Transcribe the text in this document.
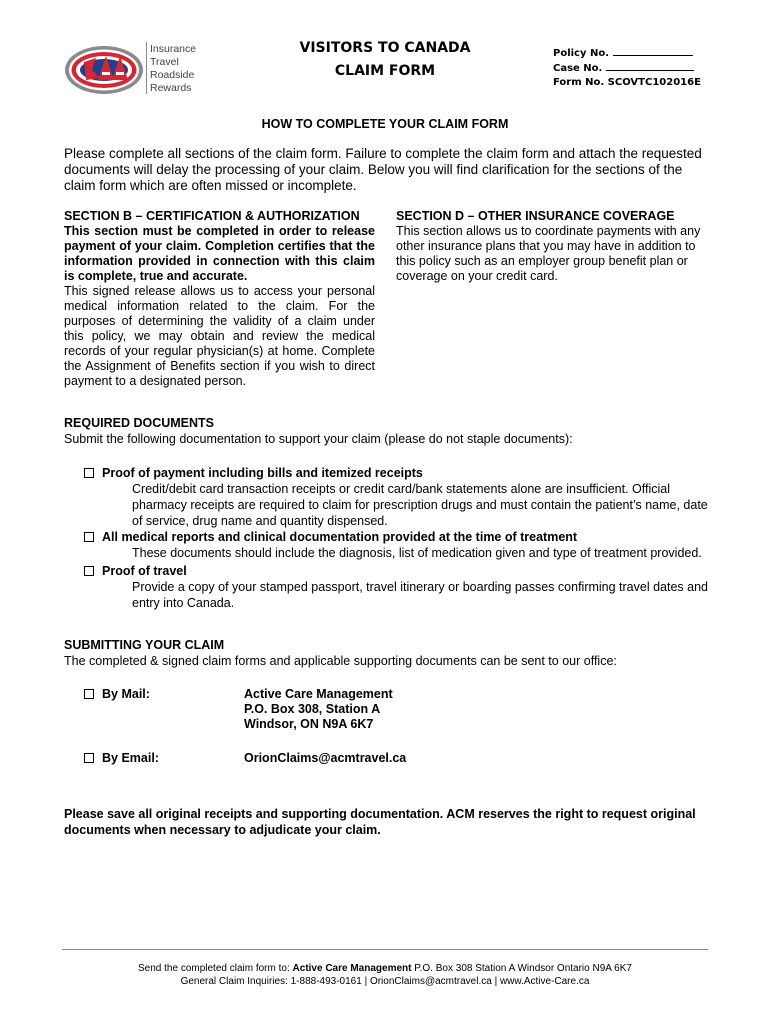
Insurance
Travel
Roadside
Rewards
VISITORS TO CANADA
CLAIM FORM
Policy No.
Case No.
Form No. SCOVTC102016E
HOW TO COMPLETE YOUR CLAIM FORM
Please complete all sections of the claim form. Failure to complete the claim form and attach the requested documents will delay the processing of your claim. Below you will find clarification for the sections of the claim form which are often missed or incomplete.
SECTION B – CERTIFICATION & AUTHORIZATION
This section must be completed in order to release payment of your claim. Completion certifies that the information provided in connection with this claim is complete, true and accurate.
This signed release allows us to access your personal medical information related to the claim. For the purposes of determining the validity of a claim under this policy, we may obtain and review the medical records of your regular physician(s) at home. Complete the Assignment of Benefits section if you wish to direct payment to a designated person.
SECTION D – OTHER INSURANCE COVERAGE
This section allows us to coordinate payments with any other insurance plans that you may have in addition to this policy such as an employer group benefit plan or coverage on your credit card.
REQUIRED DOCUMENTS
Submit the following documentation to support your claim (please do not staple documents):
Proof of payment including bills and itemized receipts
Credit/debit card transaction receipts or credit card/bank statements alone are insufficient. Official pharmacy receipts are required to claim for prescription drugs and must contain the patient’s name, date of service, drug name and quantity dispensed.
All medical reports and clinical documentation provided at the time of treatment
These documents should include the diagnosis, list of medication given and type of treatment provided.
Proof of travel
Provide a copy of your stamped passport, travel itinerary or boarding passes confirming travel dates and entry into Canada.
SUBMITTING YOUR CLAIM
The completed & signed claim forms and applicable supporting documents can be sent to our office:
By Mail:	Active Care Management
P.O. Box 308, Station A
Windsor, ON N9A 6K7
By Email:	OrionClaims@acmtravel.ca
Please save all original receipts and supporting documentation. ACM reserves the right to request original documents when necessary to adjudicate your claim.
Send the completed claim form to: Active Care Management P.O. Box 308 Station A Windsor Ontario N9A 6K7
General Claim Inquiries: 1-888-493-0161 | OrionClaims@acmtravel.ca | www.Active-Care.ca
